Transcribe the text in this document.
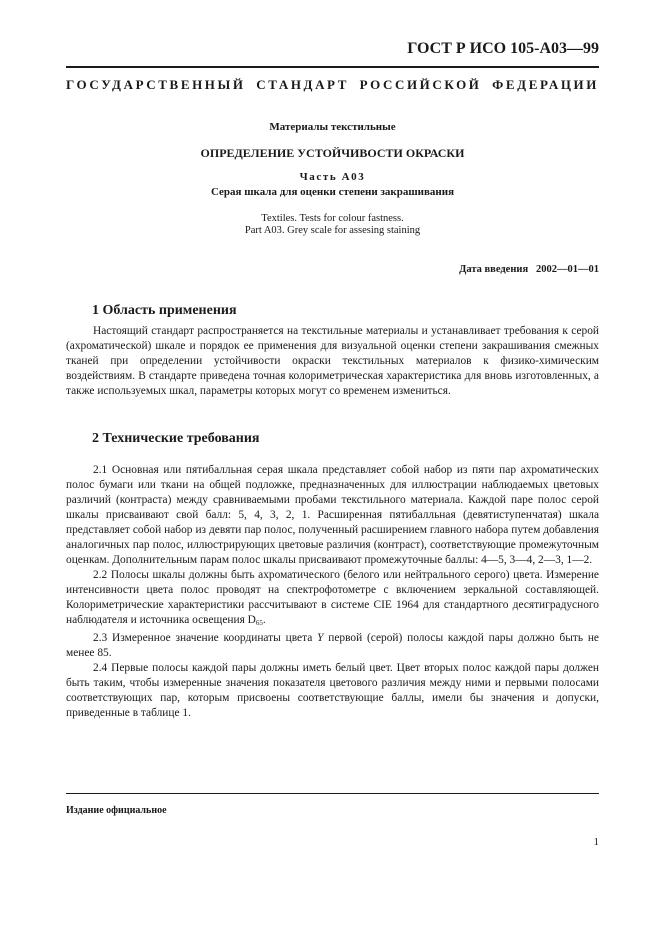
ГОСТ Р ИСО 105-А03—99
ГОСУДАРСТВЕННЫЙ СТАНДАРТ РОССИЙСКОЙ ФЕДЕРАЦИИ
Материалы текстильные
ОПРЕДЕЛЕНИЕ УСТОЙЧИВОСТИ ОКРАСКИ
Часть А03
Серая шкала для оценки степени закрашивания
Textiles. Tests for colour fastness.
Part A03. Grey scale for assesing staining
Дата введения   2002—01—01
1 Область применения

Настоящий стандарт распространяется на текстильные материалы и устанавливает требования к серой (ахроматической) шкале и порядок ее применения для визуальной оценки степени закрашивания смежных тканей при определении устойчивости окраски текстильных материалов к физико-химическим воздействиям. В стандарте приведена точная колориметрическая характеристика для вновь изготовленных, а также используемых шкал, параметры которых могут со временем измениться.

2 Технические требования

2.1 Основная или пятибалльная серая шкала представляет собой набор из пяти пар ахроматических полос бумаги или ткани на общей подложке, предназначенных для иллюстрации наблюдаемых цветовых различий (контраста) между сравниваемыми пробами текстильного материала. Каждой паре полос серой шкалы присваивают свой балл: 5, 4, 3, 2, 1. Расширенная пятибалльная (девятиступенчатая) шкала представляет собой набор из девяти пар полос, полученный расширением главного набора путем добавления аналогичных пар полос, иллюстрирующих цветовые различия (контраст), соответствующие промежуточным оценкам. Дополнительным парам полос шкалы присваивают промежуточные баллы: 4—5, 3—4, 2—3, 1—2.

2.2 Полосы шкалы должны быть ахроматического (белого или нейтрального серого) цвета. Измерение интенсивности цвета полос проводят на спектрофотометре с включением зеркальной составляющей. Колориметрические характеристики рассчитывают в системе CIE 1964 для стандартного десятиградусного наблюдателя и источника освещения $D_{65}$.

2.3 Измеренное значение координаты цвета Y первой (серой) полосы каждой пары должно быть не менее 85.

2.4 Первые полосы каждой пары должны иметь белый цвет. Цвет вторых полос каждой пары должен быть таким, чтобы измеренные значения показателя цветового различия между ними и первыми полосами соответствующих пар, которым присвоены соответствующие баллы, имели бы значения и допуски, приведенные в таблице 1.

Издание официальное
1
